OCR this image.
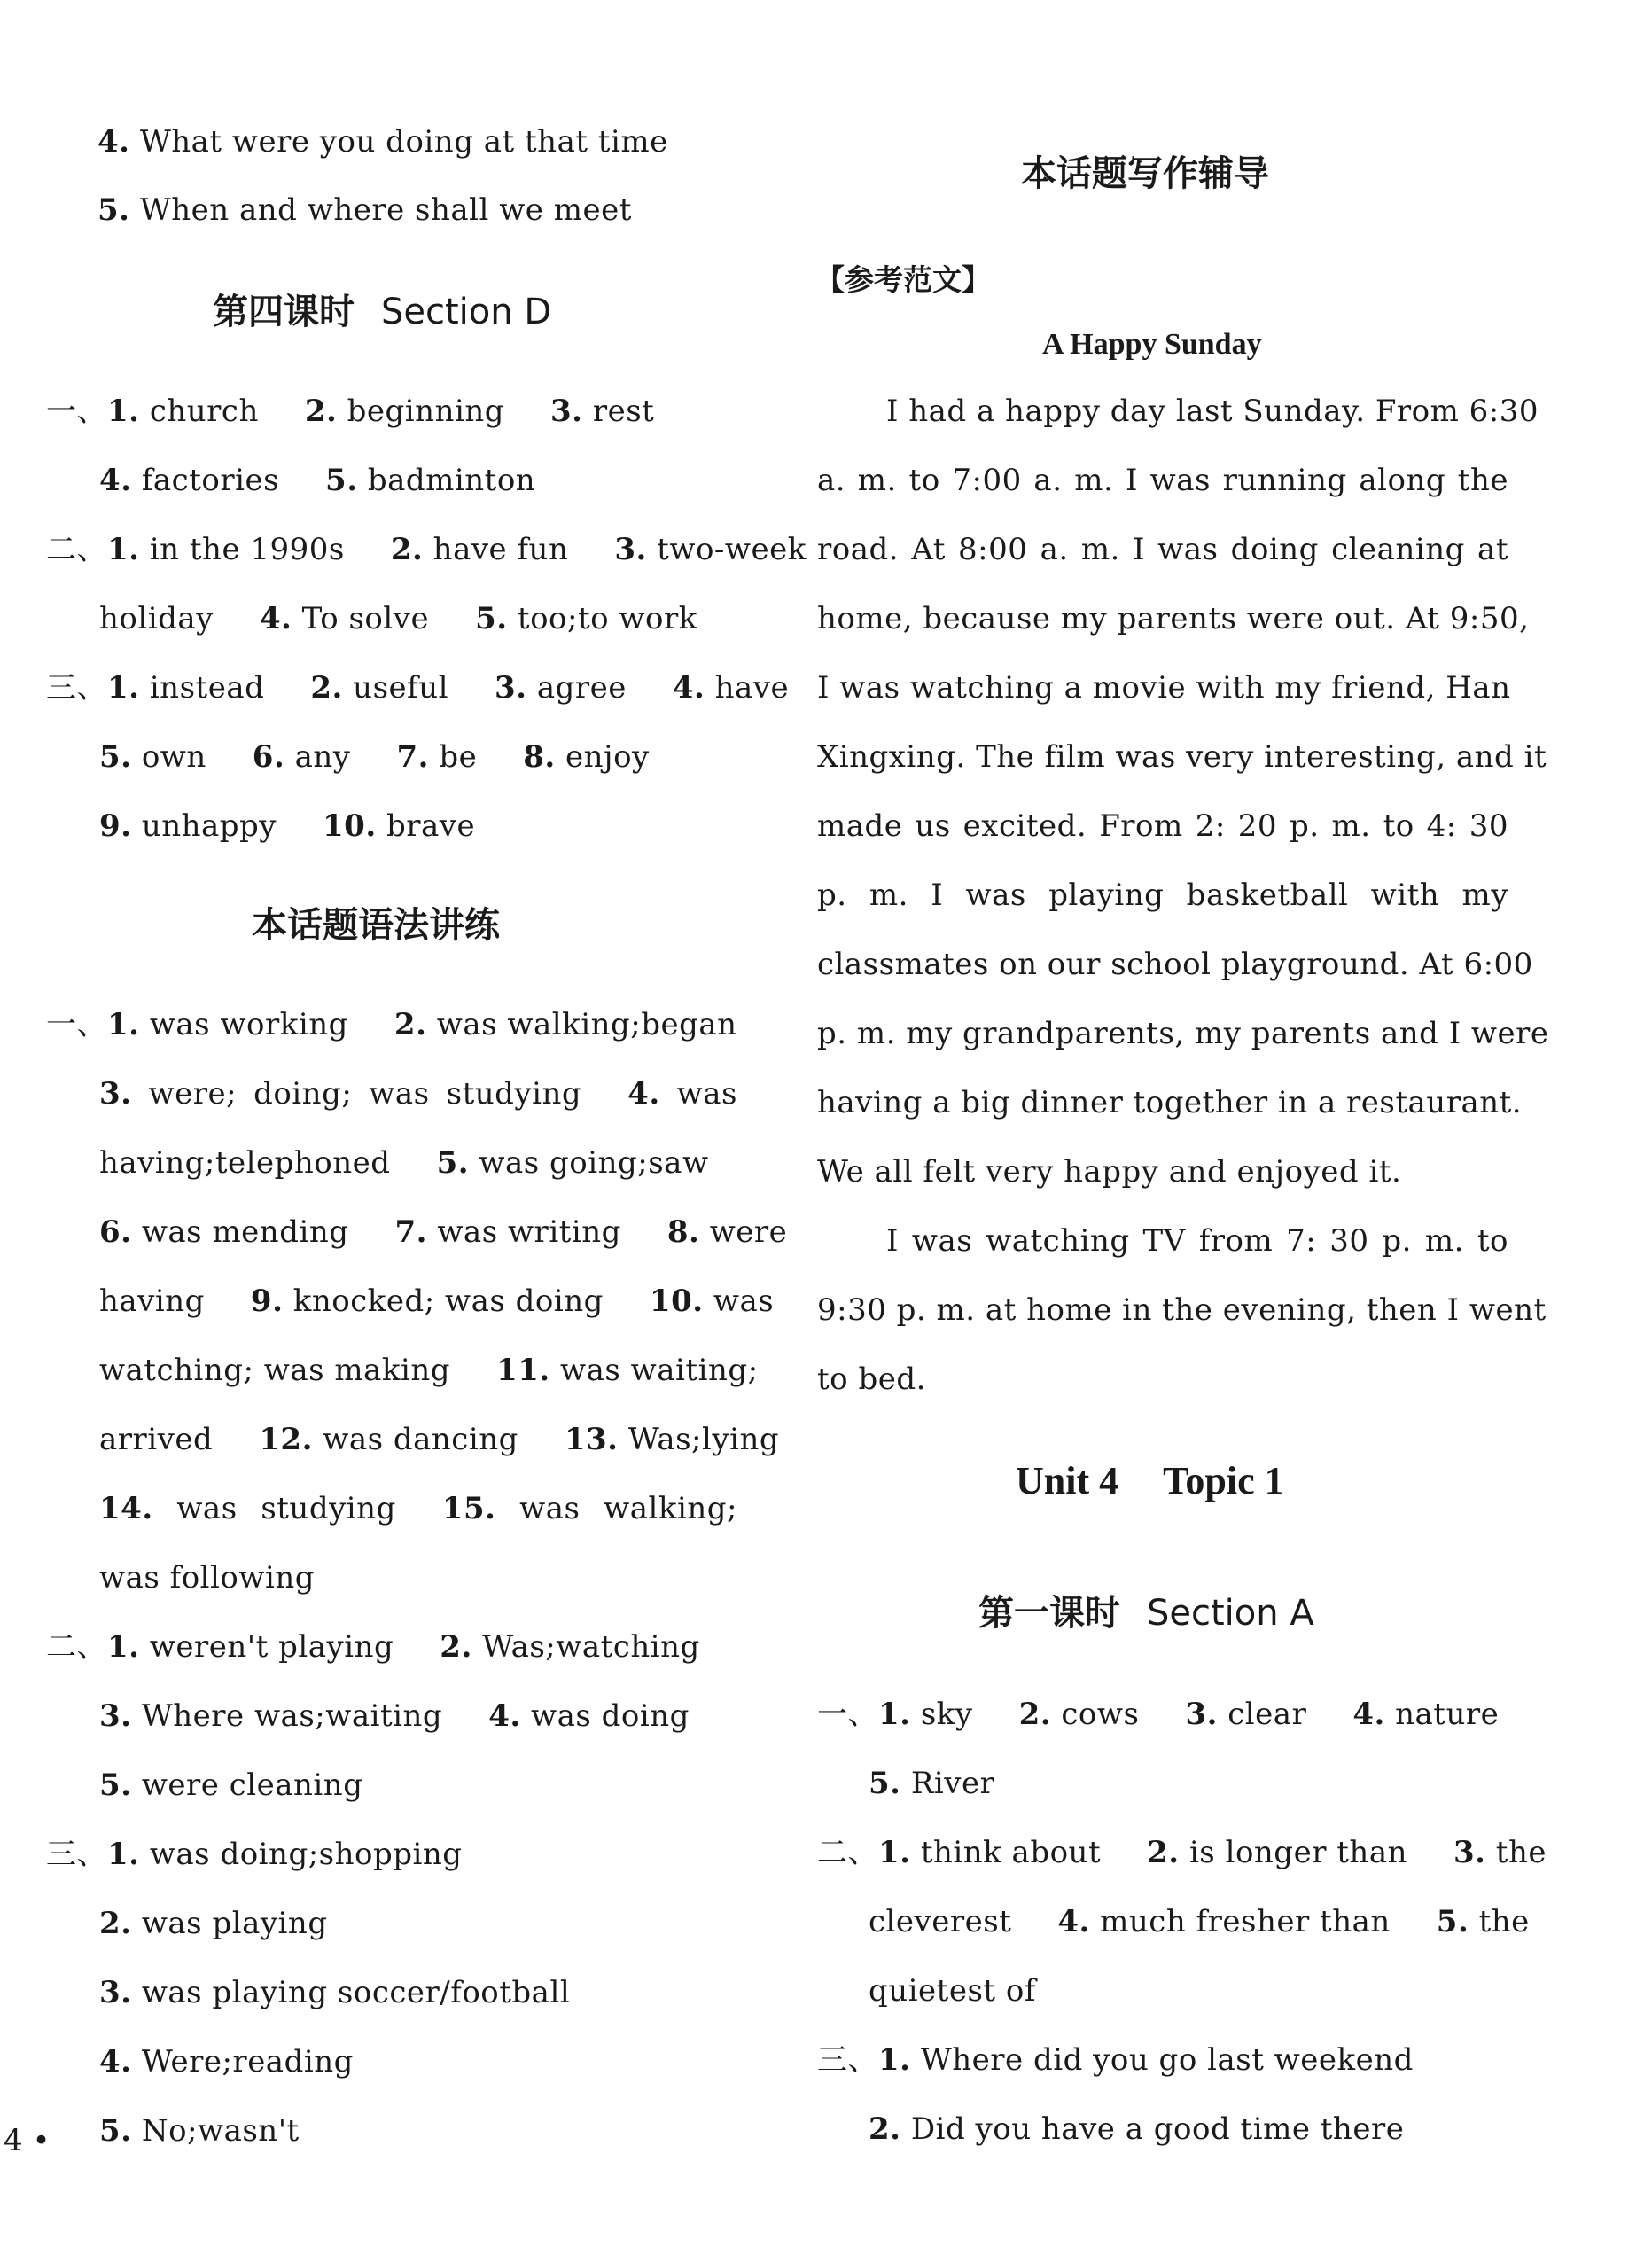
4. What were you doing at that time
5. When and where shall we meet
第四课时 Section D
一、1. church   2. beginning   3. rest
4. factories   5. badminton
二、1. in the 1990s   2. have fun   3. two-week
holiday   4. To solve   5. too;to work
三、1. instead   2. useful   3. agree   4. have
5. own   6. any   7. be   8. enjoy
9. unhappy   10. brave
本话题语法讲练
一、1. was working   2. was walking;began
3. were; doing; was studying   4. was
having;telephoned   5. was going;saw
6. was mending   7. was writing   8. were
having   9. knocked; was doing   10. was
watching; was making   11. was waiting;
arrived   12. was dancing   13. Was;lying
14. was studying   15. was walking;
was following
二、1. weren't playing   2. Was;watching
3. Where was;waiting   4. was doing
5. were cleaning
三、1. was doing;shopping
2. was playing
3. was playing soccer/football
4. Were;reading
5. No;wasn't
4 •
本话题写作辅导
【参考范文】
A Happy Sunday
I had a happy day last Sunday. From 6:30
a. m. to 7:00 a. m. I was running along the
road. At 8:00 a. m. I was doing cleaning at
home, because my parents were out. At 9:50,
I was watching a movie with my friend, Han
Xingxing. The film was very interesting, and it
made us excited. From 2: 20 p. m. to 4: 30
p. m. I was playing basketball with my
classmates on our school playground. At 6:00
p. m. my grandparents, my parents and I were
having a big dinner together in a restaurant.
We all felt very happy and enjoyed it.
I was watching TV from 7: 30 p. m. to
9:30 p. m. at home in the evening, then I went
to bed.
Unit 4 Topic 1
第一课时 Section A
一、1. sky   2. cows   3. clear   4. nature
5. River
二、1. think about   2. is longer than   3. the
cleverest   4. much fresher than   5. the
quietest of
三、1. Where did you go last weekend
2. Did you have a good time there
